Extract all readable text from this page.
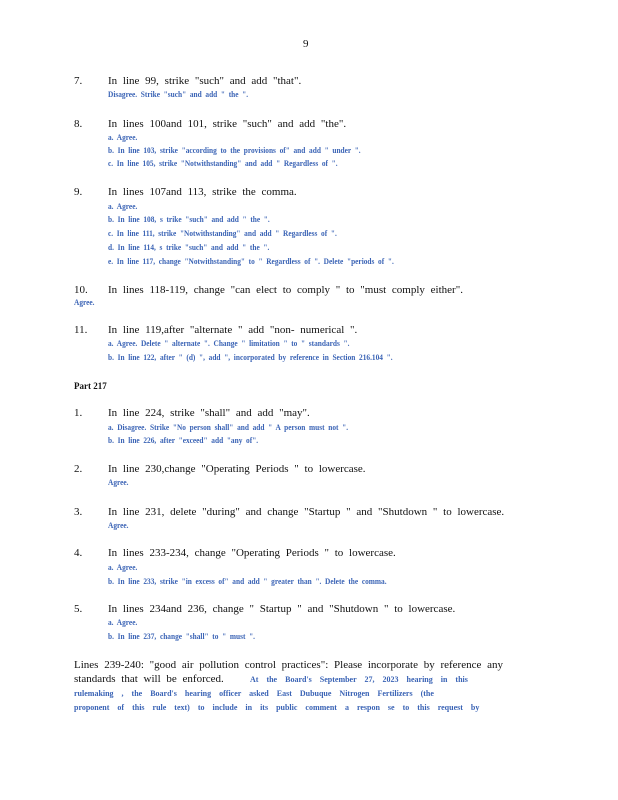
9
7. In line 99, strike "such" and add "that".
Disagree. Strike "such" and add " the ".
8. In lines 100and 101, strike "such" and add "the".
a. Agree.
b. In line 103, strike "according to the provisions of" and add " under ".
c. In line 105, strike "Notwithstanding" and add " Regardless of ".
9. In lines 107and 113, strike the comma.
a. Agree.
b. In line 108, s trike "such" and add " the ".
c. In line 111, strike "Notwithstanding" and add " Regardless of ".
d. In line 114, s trike "such" and add " the ".
e. In line 117, change "Notwithstanding" to " Regardless of ". Delete "periods of ".
10. In lines 118-119, change "can elect to comply " to "must comply either".
Agree.
11. In line 119,after "alternate " add "non- numerical ".
a. Agree. Delete " alternate ". Change " limitation " to " standards ".
b. In line 122, after " (d) ", add ", incorporated by reference in Section 216.104 ".
Part 217
1. In line 224, strike "shall" and add "may".
a. Disagree. Strike "No person shall" and add " A person must not ".
b. In line 226, after "exceed" add "any of".
2. In line 230,change "Operating Periods " to lowercase.
Agree.
3. In line 231, delete "during" and change "Startup " and "Shutdown " to lowercase.
Agree.
4. In lines 233-234, change "Operating Periods " to lowercase.
a. Agree.
b. In line 233, strike "in excess of" and add " greater than ". Delete the comma.
5. In lines 234and 236, change " Startup " and "Shutdown " to lowercase.
a. Agree.
b. In line 237, change "shall" to " must ".
Lines 239-240: "good air pollution control practices": Please incorporate by reference any
standards that will be enforced.	At the Board's September 27, 2023 hearing in this
rulemaking , the Board's hearing officer asked East Dubuque Nitrogen Fertilizers (the
proponent of this rule text) to include in its public comment a respon se to this request by
